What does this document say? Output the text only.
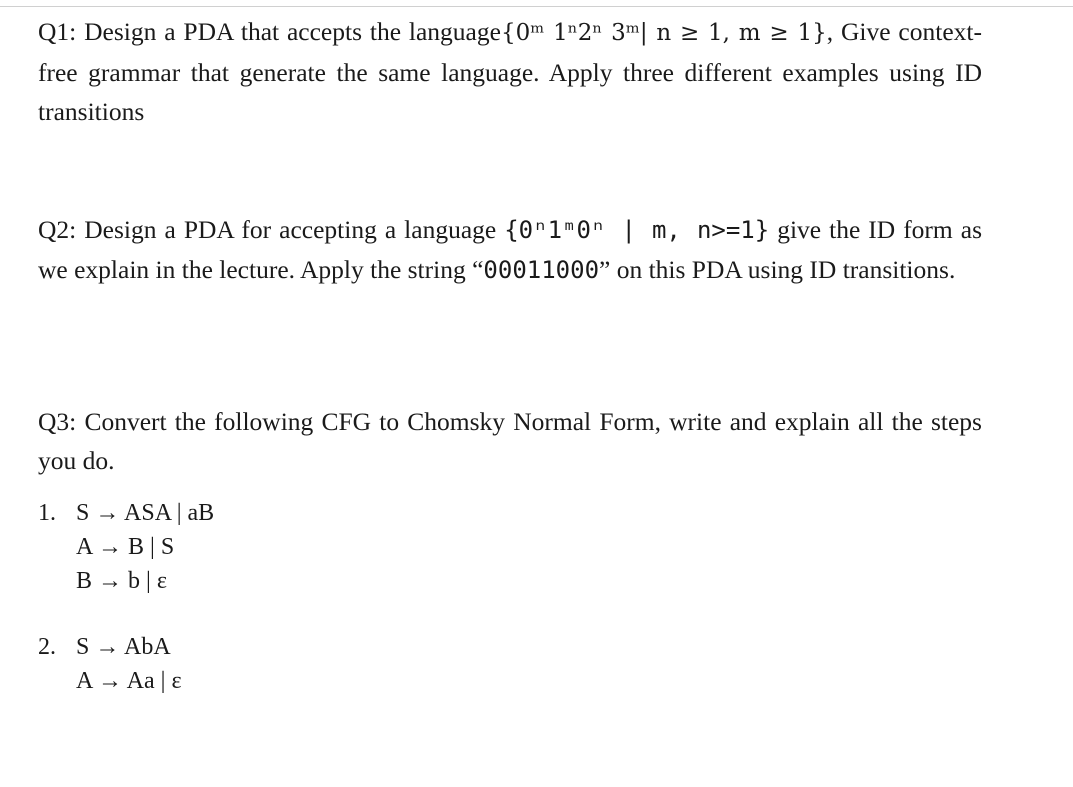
Q1: Design a PDA that accepts the language{0ᵐ 1ⁿ2ⁿ 3ᵐ| n ≥ 1, m ≥ 1}, Give context-free grammar that generate the same language. Apply three different examples using ID transitions

Q2: Design a PDA for accepting a language {0ⁿ1ᵐ0ⁿ | m, n>=1} give the ID form as we explain in the lecture. Apply the string “00011000” on this PDA using ID transitions.

Q3: Convert the following CFG to Chomsky Normal Form, write and explain all the steps you do.

1. S → ASA | aB
A → B | S
B → b | ε
2. S → AbA
A → Aa | ε
